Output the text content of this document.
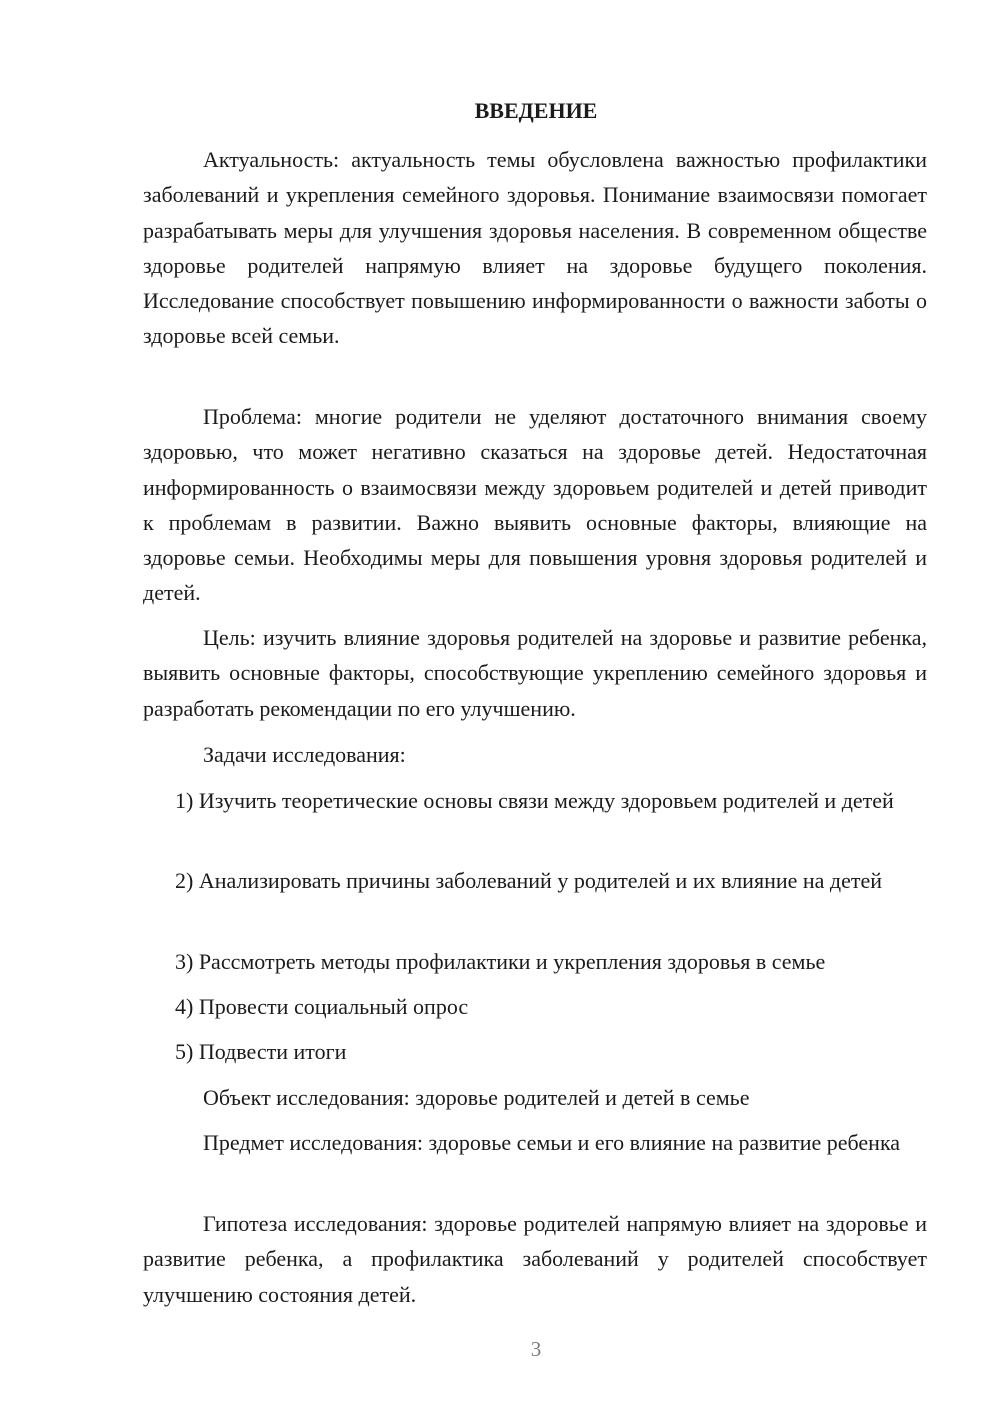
ВВЕДЕНИЕ

Актуальность: актуальность темы обусловлена важностью профилактики заболеваний и укрепления семейного здоровья. Понимание взаимосвязи помогает разрабатывать меры для улучшения здоровья населения. В современном обществе здоровье родителей напрямую влияет на здоровье будущего поколения. Исследование способствует повышению информированности о важности заботы о здоровье всей семьи.

Проблема: многие родители не уделяют достаточного внимания своему здоровью, что может негативно сказаться на здоровье детей. Недостаточная информированность о взаимосвязи между здоровьем родителей и детей приводит к проблемам в развитии. Важно выявить основные факторы, влияющие на здоровье семьи. Необходимы меры для повышения уровня здоровья родителей и детей.

Цель: изучить влияние здоровья родителей на здоровье и развитие ребенка, выявить основные факторы, способствующие укреплению семейного здоровья и разработать рекомендации по его улучшению.

Задачи исследования:

1) Изучить теоретические основы связи между здоровьем родителей и детей

2) Анализировать причины заболеваний у родителей и их влияние на детей

3) Рассмотреть методы профилактики и укрепления здоровья в семье

4) Провести социальный опрос

5) Подвести итоги

Объект исследования: здоровье родителей и детей в семье

Предмет исследования: здоровье семьи и его влияние на развитие ребенка

Гипотеза исследования: здоровье родителей напрямую влияет на здоровье и развитие ребенка, а профилактика заболеваний у родителей способствует улучшению состояния детей.

3
